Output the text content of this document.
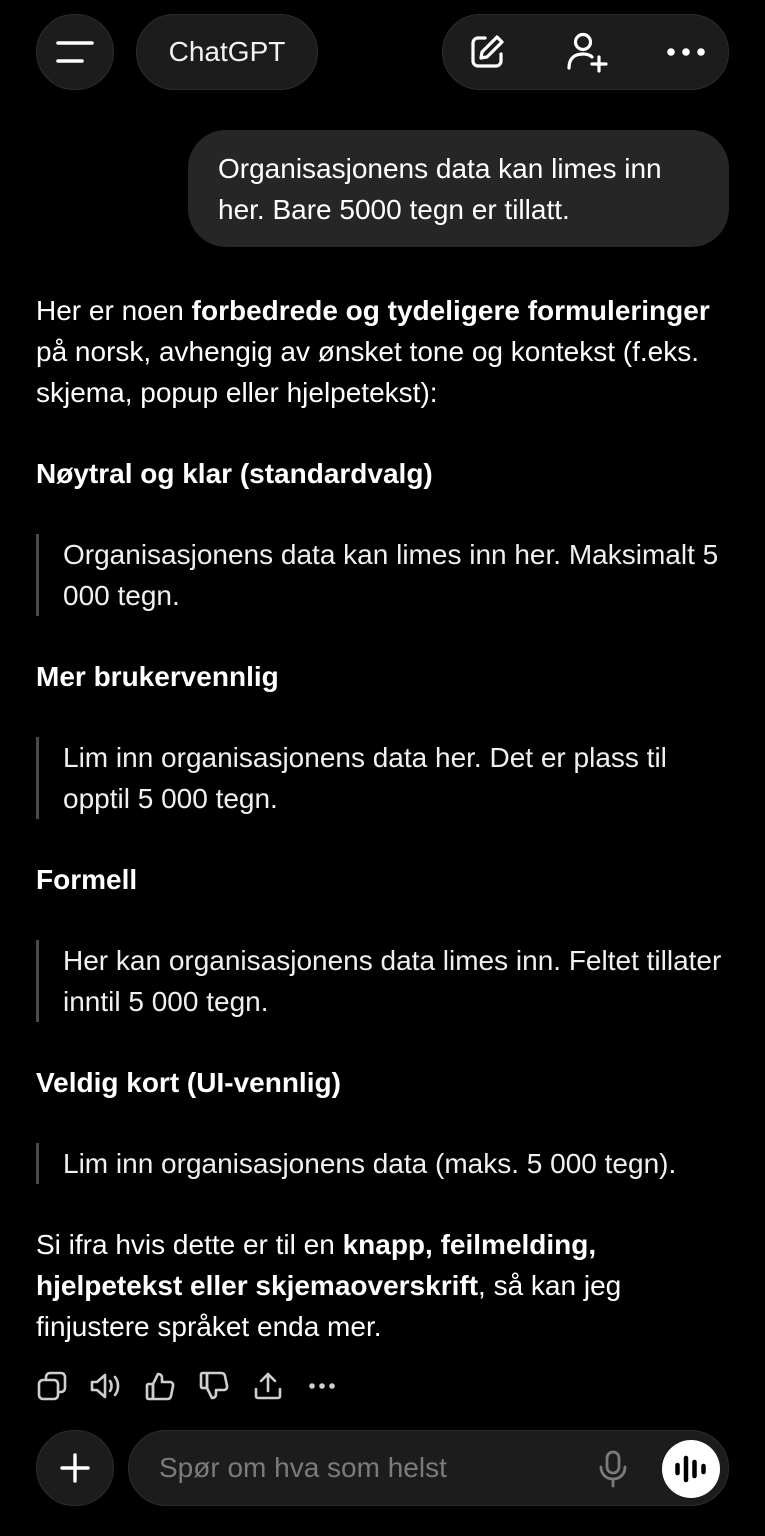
ChatGPT
Organisasjonens data kan limes inn her. Bare 5000 tegn er tillatt.

Her er noen forbedrede og tydeligere formuleringer på norsk, avhengig av ønsket tone og kontekst (f.eks. skjema, popup eller hjelpetekst):

Nøytral og klar (standardvalg)

Organisasjonens data kan limes inn her. Maksimalt 5 000 tegn.

Mer brukervennlig

Lim inn organisasjonens data her. Det er plass til opptil 5 000 tegn.

Formell

Her kan organisasjonens data limes inn. Feltet tillater inntil 5 000 tegn.

Veldig kort (UI-vennlig)

Lim inn organisasjonens data (maks. 5 000 tegn).

Si ifra hvis dette er til en knapp, feilmelding, hjelpetekst eller skjemaoverskrift, så kan jeg finjustere språket enda mer.

Spør om hva som helst
